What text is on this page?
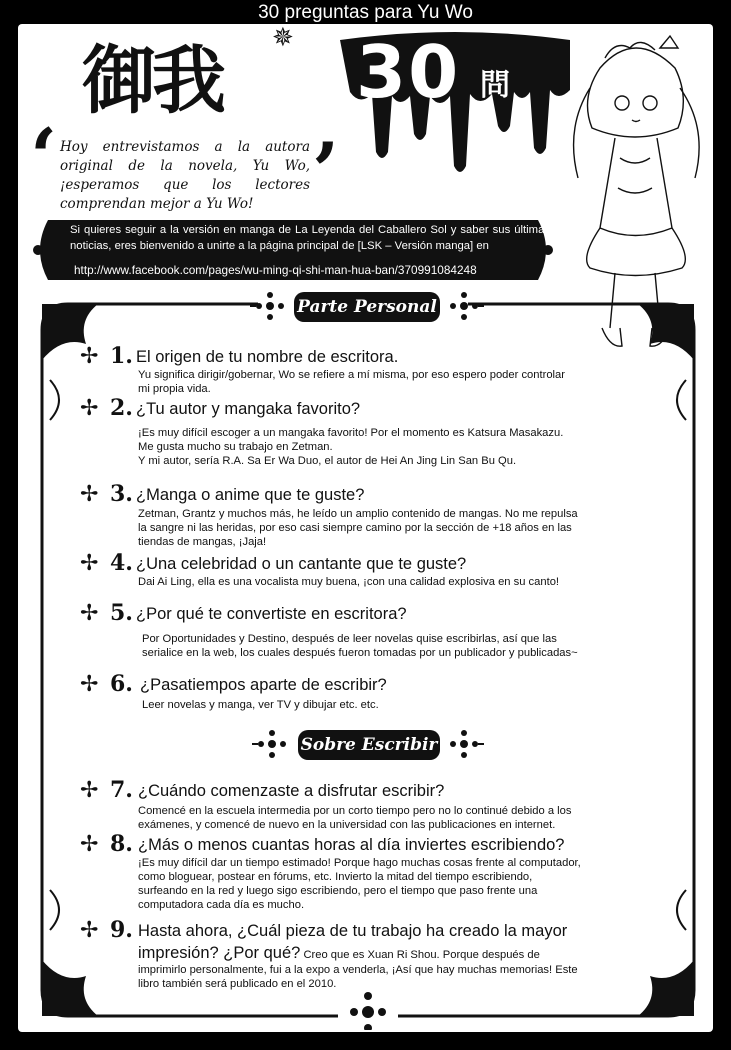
30 preguntas para Yu Wo
御我
✵ 30 問
‘ Hoy entrevistamos a la autora original de la novela, Yu Wo, ¡esperamos que los lectores comprendan mejor a Yu Wo! ’
Si quieres seguir a la versión en manga de La Leyenda del Caballero Sol y saber sus últimas noticias, eres bienvenido a unirte a la página principal de [LSK – Versión manga] en
http://www.facebook.com/pages/wu-ming-qi-shi-man-hua-ban/370991084248
Parte Personal
Sobre Escribir
✢ 1. El origen de tu nombre de escritora.
Yu significa dirigir/gobernar, Wo se refiere a mí misma, por eso espero poder controlar
mi propia vida.
✢ 2. ¿Tu autor y mangaka favorito?
¡Es muy difícil escoger a un mangaka favorito! Por el momento es Katsura Masakazu.
Me gusta mucho su trabajo en Zetman.
Y mi autor, sería R.A. Sa Er Wa Duo, el autor de Hei An Jing Lin San Bu Qu.
✢ 3. ¿Manga o anime que te guste?
Zetman, Grantz y muchos más, he leído un amplio contenido de mangas. No me repulsa
la sangre ni las heridas, por eso casi siempre camino por la sección de +18 años en las
tiendas de mangas, ¡Jaja!
✢ 4. ¿Una celebridad o un cantante que te guste?
Dai Ai Ling, ella es una vocalista muy buena, ¡con una calidad explosiva en su canto!
✢ 5. ¿Por qué te convertiste en escritora?
Por Oportunidades y Destino, después de leer novelas quise escribirlas, así que las
serialice en la web, los cuales después fueron tomadas por un publicador y publicadas~
✢ 6. ¿Pasatiempos aparte de escribir?
Leer novelas y manga, ver TV y dibujar etc. etc.
✢ 7. ¿Cuándo comenzaste a disfrutar escribir?
Comencé en la escuela intermedia por un corto tiempo pero no lo continué debido a los
exámenes, y comencé de nuevo en la universidad con las publicaciones en internet.
✢ 8. ¿Más o menos cuantas horas al día inviertes escribiendo?
¡Es muy difícil dar un tiempo estimado! Porque hago muchas cosas frente al computador,
como bloguear, postear en fórums, etc. Invierto la mitad del tiempo escribiendo,
surfeando en la red y luego sigo escribiendo, pero el tiempo que paso frente una
computadora cada día es mucho.
✢ 9. Hasta ahora, ¿Cuál pieza de tu trabajo ha creado la mayor
impresión? ¿Por qué? Creo que es Xuan Ri Shou. Porque después de
imprimirlo personalmente, fui a la expo a venderla, ¡Así que hay muchas memorias! Este
libro también será publicado en el 2010.
